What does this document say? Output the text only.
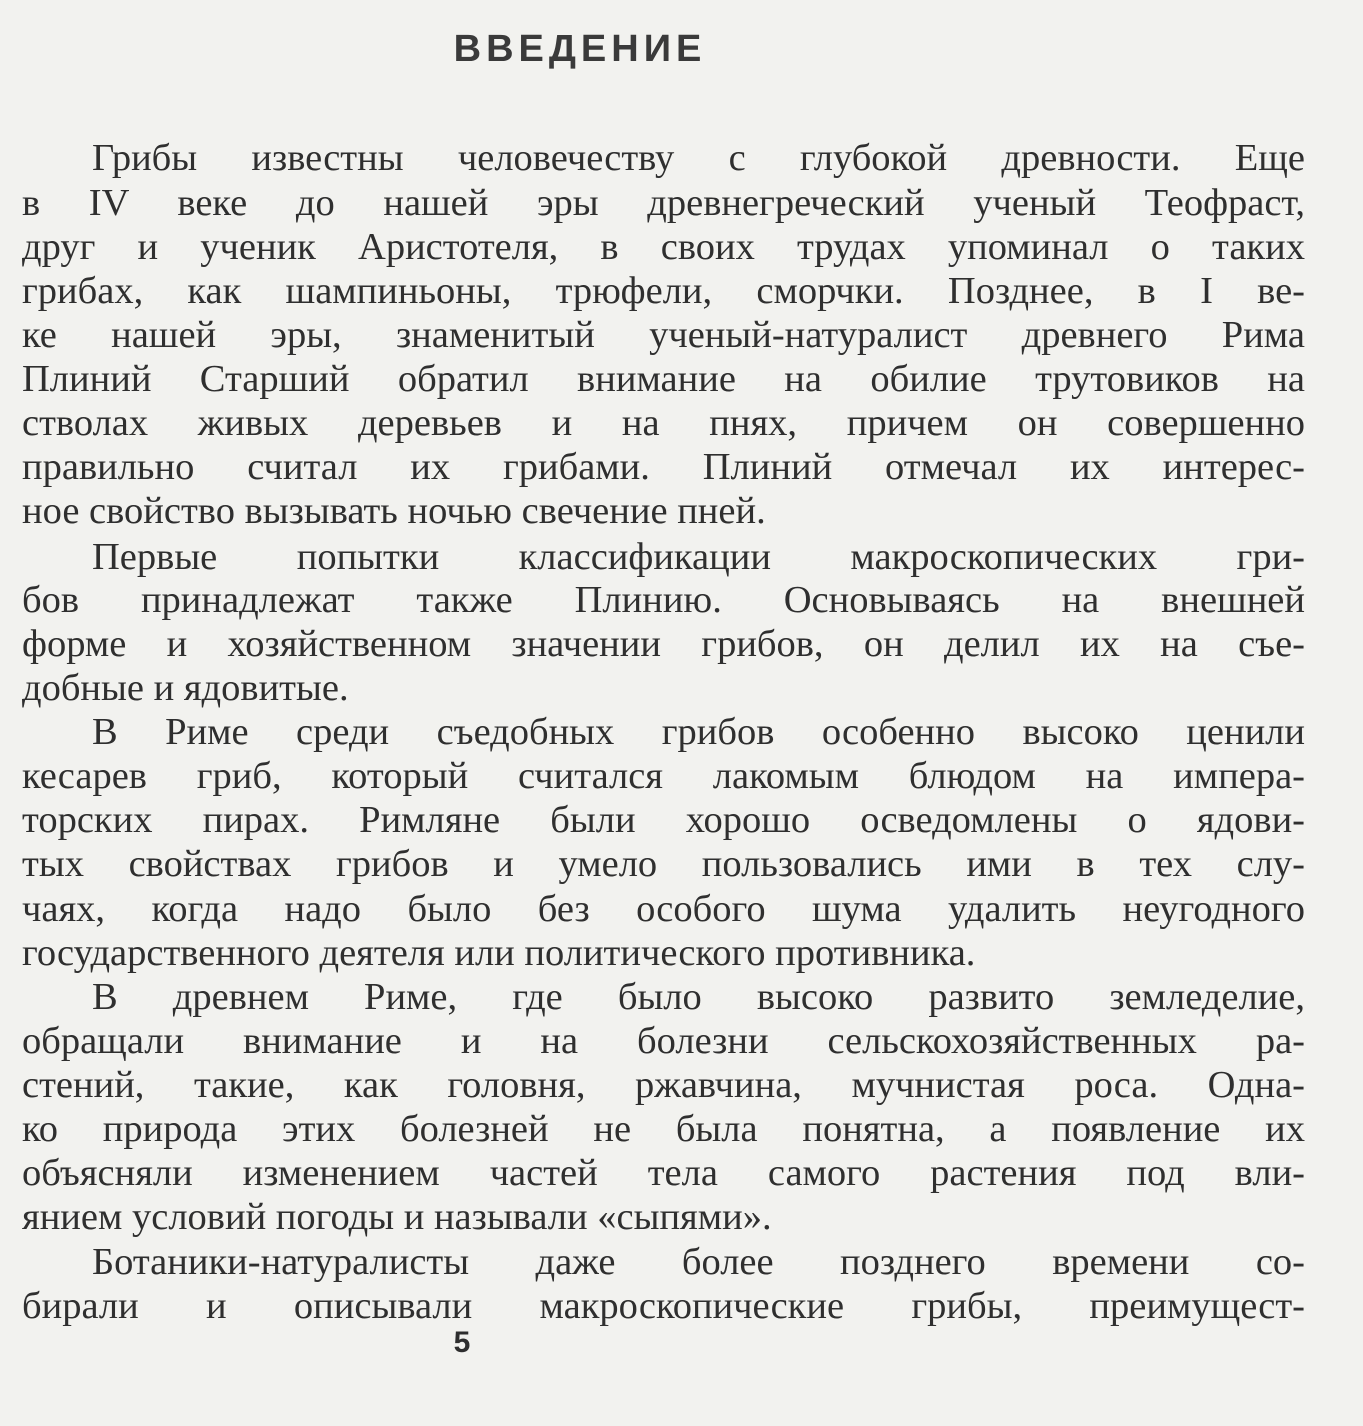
ВВЕДЕНИЕ
Грибы известны человечеству с глубокой древности. Еще
в IV веке до нашей эры древнегреческий ученый Теофраст,
друг и ученик Аристотеля, в своих трудах упоминал о таких
грибах, как шампиньоны, трюфели, сморчки. Позднее, в I ве-
ке нашей эры, знаменитый ученый-натуралист древнего Рима
Плиний Старший обратил внимание на обилие трутовиков на
стволах живых деревьев и на пнях, причем он совершенно
правильно считал их грибами. Плиний отмечал их интерес-
ное свойство вызывать ночью свечение пней.
Первые попытки классификации макроскопических гри-
бов принадлежат также Плинию. Основываясь на внешней
форме и хозяйственном значении грибов, он делил их на съе-
добные и ядовитые.
В Риме среди съедобных грибов особенно высоко ценили
кесарев гриб, который считался лакомым блюдом на импера-
торских пирах. Римляне были хорошо осведомлены о ядови-
тых свойствах грибов и умело пользовались ими в тех слу-
чаях, когда надо было без особого шума удалить неугодного
государственного деятеля или политического противника.
В древнем Риме, где было высоко развито земледелие,
обращали внимание и на болезни сельскохозяйственных ра-
стений, такие, как головня, ржавчина, мучнистая роса. Одна-
ко природа этих болезней не была понятна, а появление их
объясняли изменением частей тела самого растения под вли-
янием условий погоды и называли «сыпями».
Ботаники-натуралисты даже более позднего времени со-
бирали и описывали макроскопические грибы, преимущест-
5
